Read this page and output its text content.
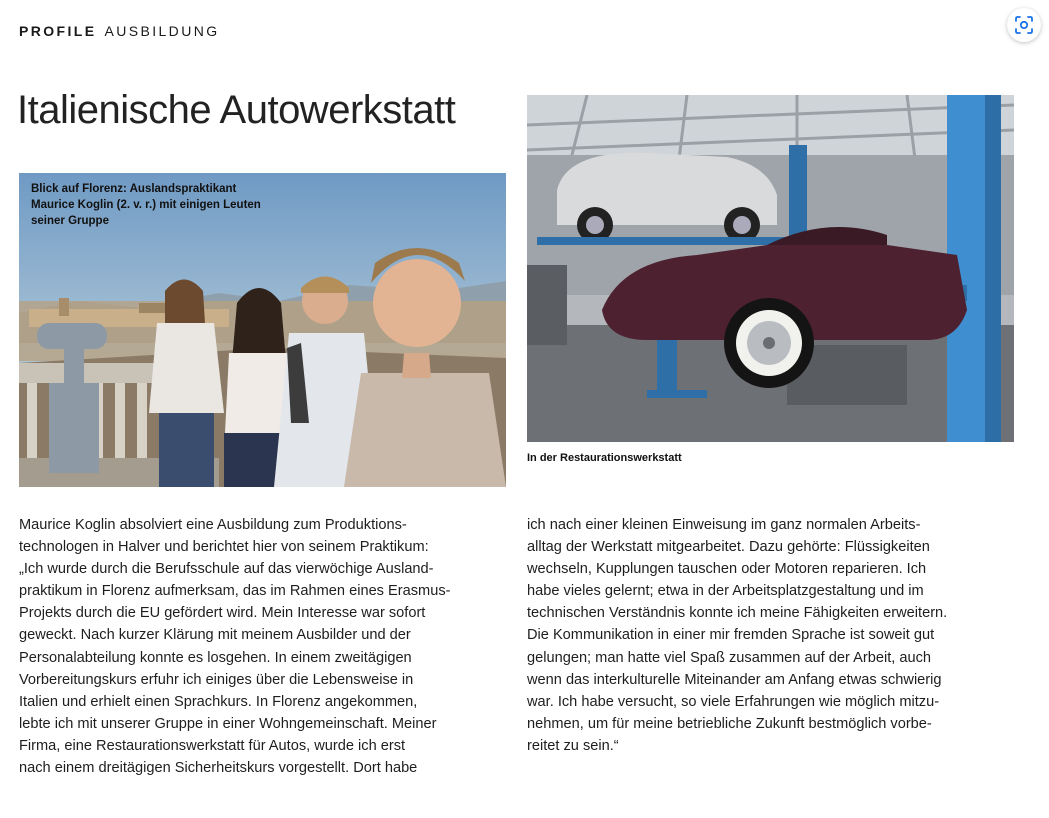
PROFILE AUSBILDUNG
Italienische Autowerkstatt
Blick auf Florenz: Auslandspraktikant
Maurice Koglin (2. v. r.) mit einigen Leuten
seiner Gruppe
In der Restaurationswerkstatt
Maurice Koglin absolviert eine Ausbildung zum Produktions-
technologen in Halver und berichtet hier von seinem Praktikum:
„Ich wurde durch die Berufsschule auf das vierwöchige Ausland-
praktikum in Florenz aufmerksam, das im Rahmen eines Erasmus-
Projekts durch die EU gefördert wird. Mein Interesse war sofort
geweckt. Nach kurzer Klärung mit meinem Ausbilder und der
Personalabteilung konnte es losgehen. In einem zweitägigen
Vorbereitungskurs erfuhr ich einiges über die Lebensweise in
Italien und erhielt einen Sprachkurs. In Florenz angekommen,
lebte ich mit unserer Gruppe in einer Wohngemeinschaft. Meiner
Firma, eine Restaurationswerkstatt für Autos, wurde ich erst
nach einem dreitägigen Sicherheitskurs vorgestellt. Dort habe
ich nach einer kleinen Einweisung im ganz normalen Arbeits-
alltag der Werkstatt mitgearbeitet. Dazu gehörte: Flüssigkeiten
wechseln, Kupplungen tauschen oder Motoren reparieren. Ich
habe vieles gelernt; etwa in der Arbeitsplatzgestaltung und im
technischen Verständnis konnte ich meine Fähigkeiten erweitern.
Die Kommunikation in einer mir fremden Sprache ist soweit gut
gelungen; man hatte viel Spaß zusammen auf der Arbeit, auch
wenn das interkulturelle Miteinander am Anfang etwas schwierig
war. Ich habe versucht, so viele Erfahrungen wie möglich mitzu-
nehmen, um für meine betriebliche Zukunft bestmöglich vorbe-
reitet zu sein.“
